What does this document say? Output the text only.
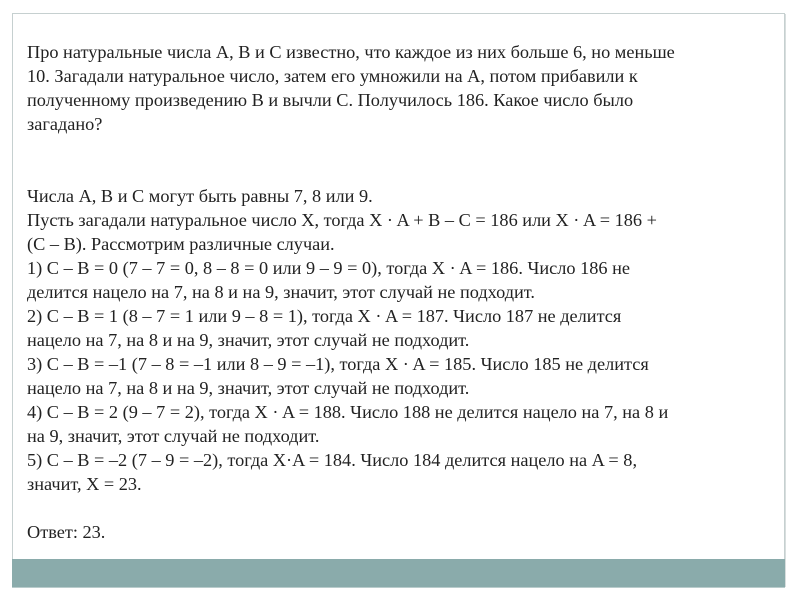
Про натуральные числа A, B и C известно, что каждое из них больше 6, но меньше

10. Загадали натуральное число, затем его умножили на A, потом прибавили к

полученному произведению B и вычли C. Получилось 186. Какое число было

загадано?

Числа A, B и C могут быть равны 7, 8 или 9.

Пусть загадали натуральное число X, тогда X · A + B – C = 186 или X · A = 186 +

(C – B). Рассмотрим различные случаи.

1) C – B = 0 (7 – 7 = 0, 8 – 8 = 0 или 9 – 9 = 0), тогда X · A = 186. Число 186 не

делится нацело на 7, на 8 и на 9, значит, этот случай не подходит.

2) C – B = 1 (8 – 7 = 1 или 9 – 8 = 1), тогда X · A = 187. Число 187 не делится

нацело на 7, на 8 и на 9, значит, этот случай не подходит.

3) C – B = –1 (7 – 8 = –1 или 8 – 9 = –1), тогда X · A = 185. Число 185 не делится

нацело на 7, на 8 и на 9, значит, этот случай не подходит.

4) C – B = 2 (9 – 7 = 2), тогда X · A = 188. Число 188 не делится нацело на 7, на 8 и

на 9, значит, этот случай не подходит.

5) C – B = –2 (7 – 9 = –2), тогда X·A = 184. Число 184 делится нацело на A = 8,

значит, X = 23.

Ответ: 23.
